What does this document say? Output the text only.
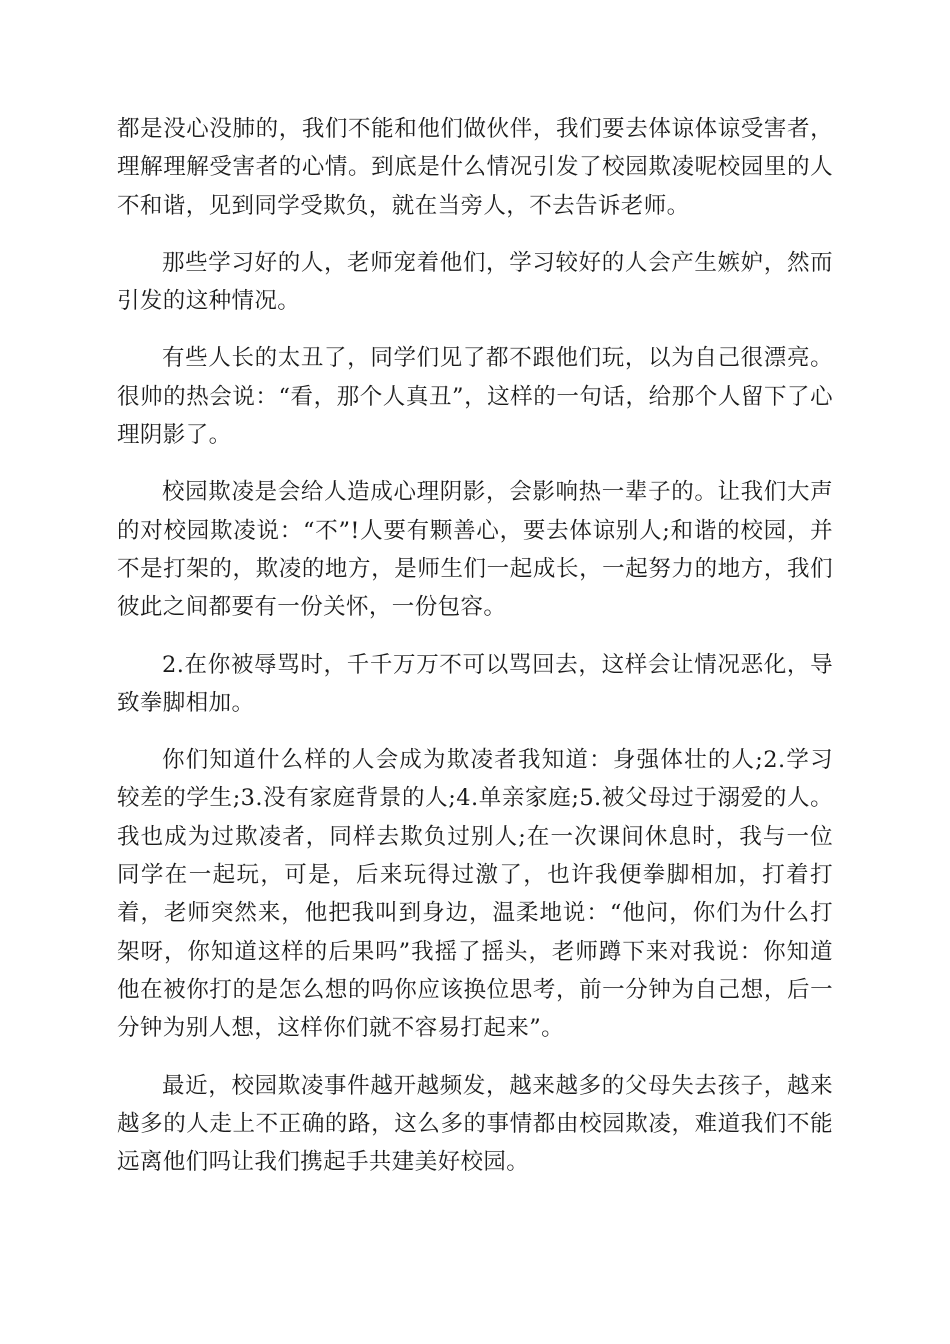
都是没心没肺的，我们不能和他们做伙伴，我们要去体谅体谅受害者，理解理解受害者的心情。到底是什么情况引发了校园欺凌呢校园里的人不和谐，见到同学受欺负，就在当旁人，不去告诉老师。

那些学习好的人，老师宠着他们，学习较好的人会产生嫉妒，然而引发的这种情况。

有些人长的太丑了，同学们见了都不跟他们玩，以为自己很漂亮。很帅的热会说：“看，那个人真丑”，这样的一句话，给那个人留下了心理阴影了。

校园欺凌是会给人造成心理阴影，会影响热一辈子的。让我们大声的对校园欺凌说：“不”!人要有颗善心，要去体谅别人;和谐的校园，并不是打架的，欺凌的地方，是师生们一起成长，一起努力的地方，我们彼此之间都要有一份关怀，一份包容。

2.在你被辱骂时，千千万万不可以骂回去，这样会让情况恶化，导致拳脚相加。

你们知道什么样的人会成为欺凌者我知道：身强体壮的人;2.学习较差的学生;3.没有家庭背景的人;4.单亲家庭;5.被父母过于溺爱的人。我也成为过欺凌者，同样去欺负过别人;在一次课间休息时，我与一位同学在一起玩，可是，后来玩得过激了，也许我便拳脚相加，打着打着，老师突然来，他把我叫到身边，温柔地说：“他问，你们为什么打架呀，你知道这样的后果吗”我摇了摇头，老师蹲下来对我说：你知道他在被你打的是怎么想的吗你应该换位思考，前一分钟为自己想，后一分钟为别人想，这样你们就不容易打起来”。

最近，校园欺凌事件越开越频发，越来越多的父母失去孩子，越来越多的人走上不正确的路，这么多的事情都由校园欺凌，难道我们不能远离他们吗让我们携起手共建美好校园。
